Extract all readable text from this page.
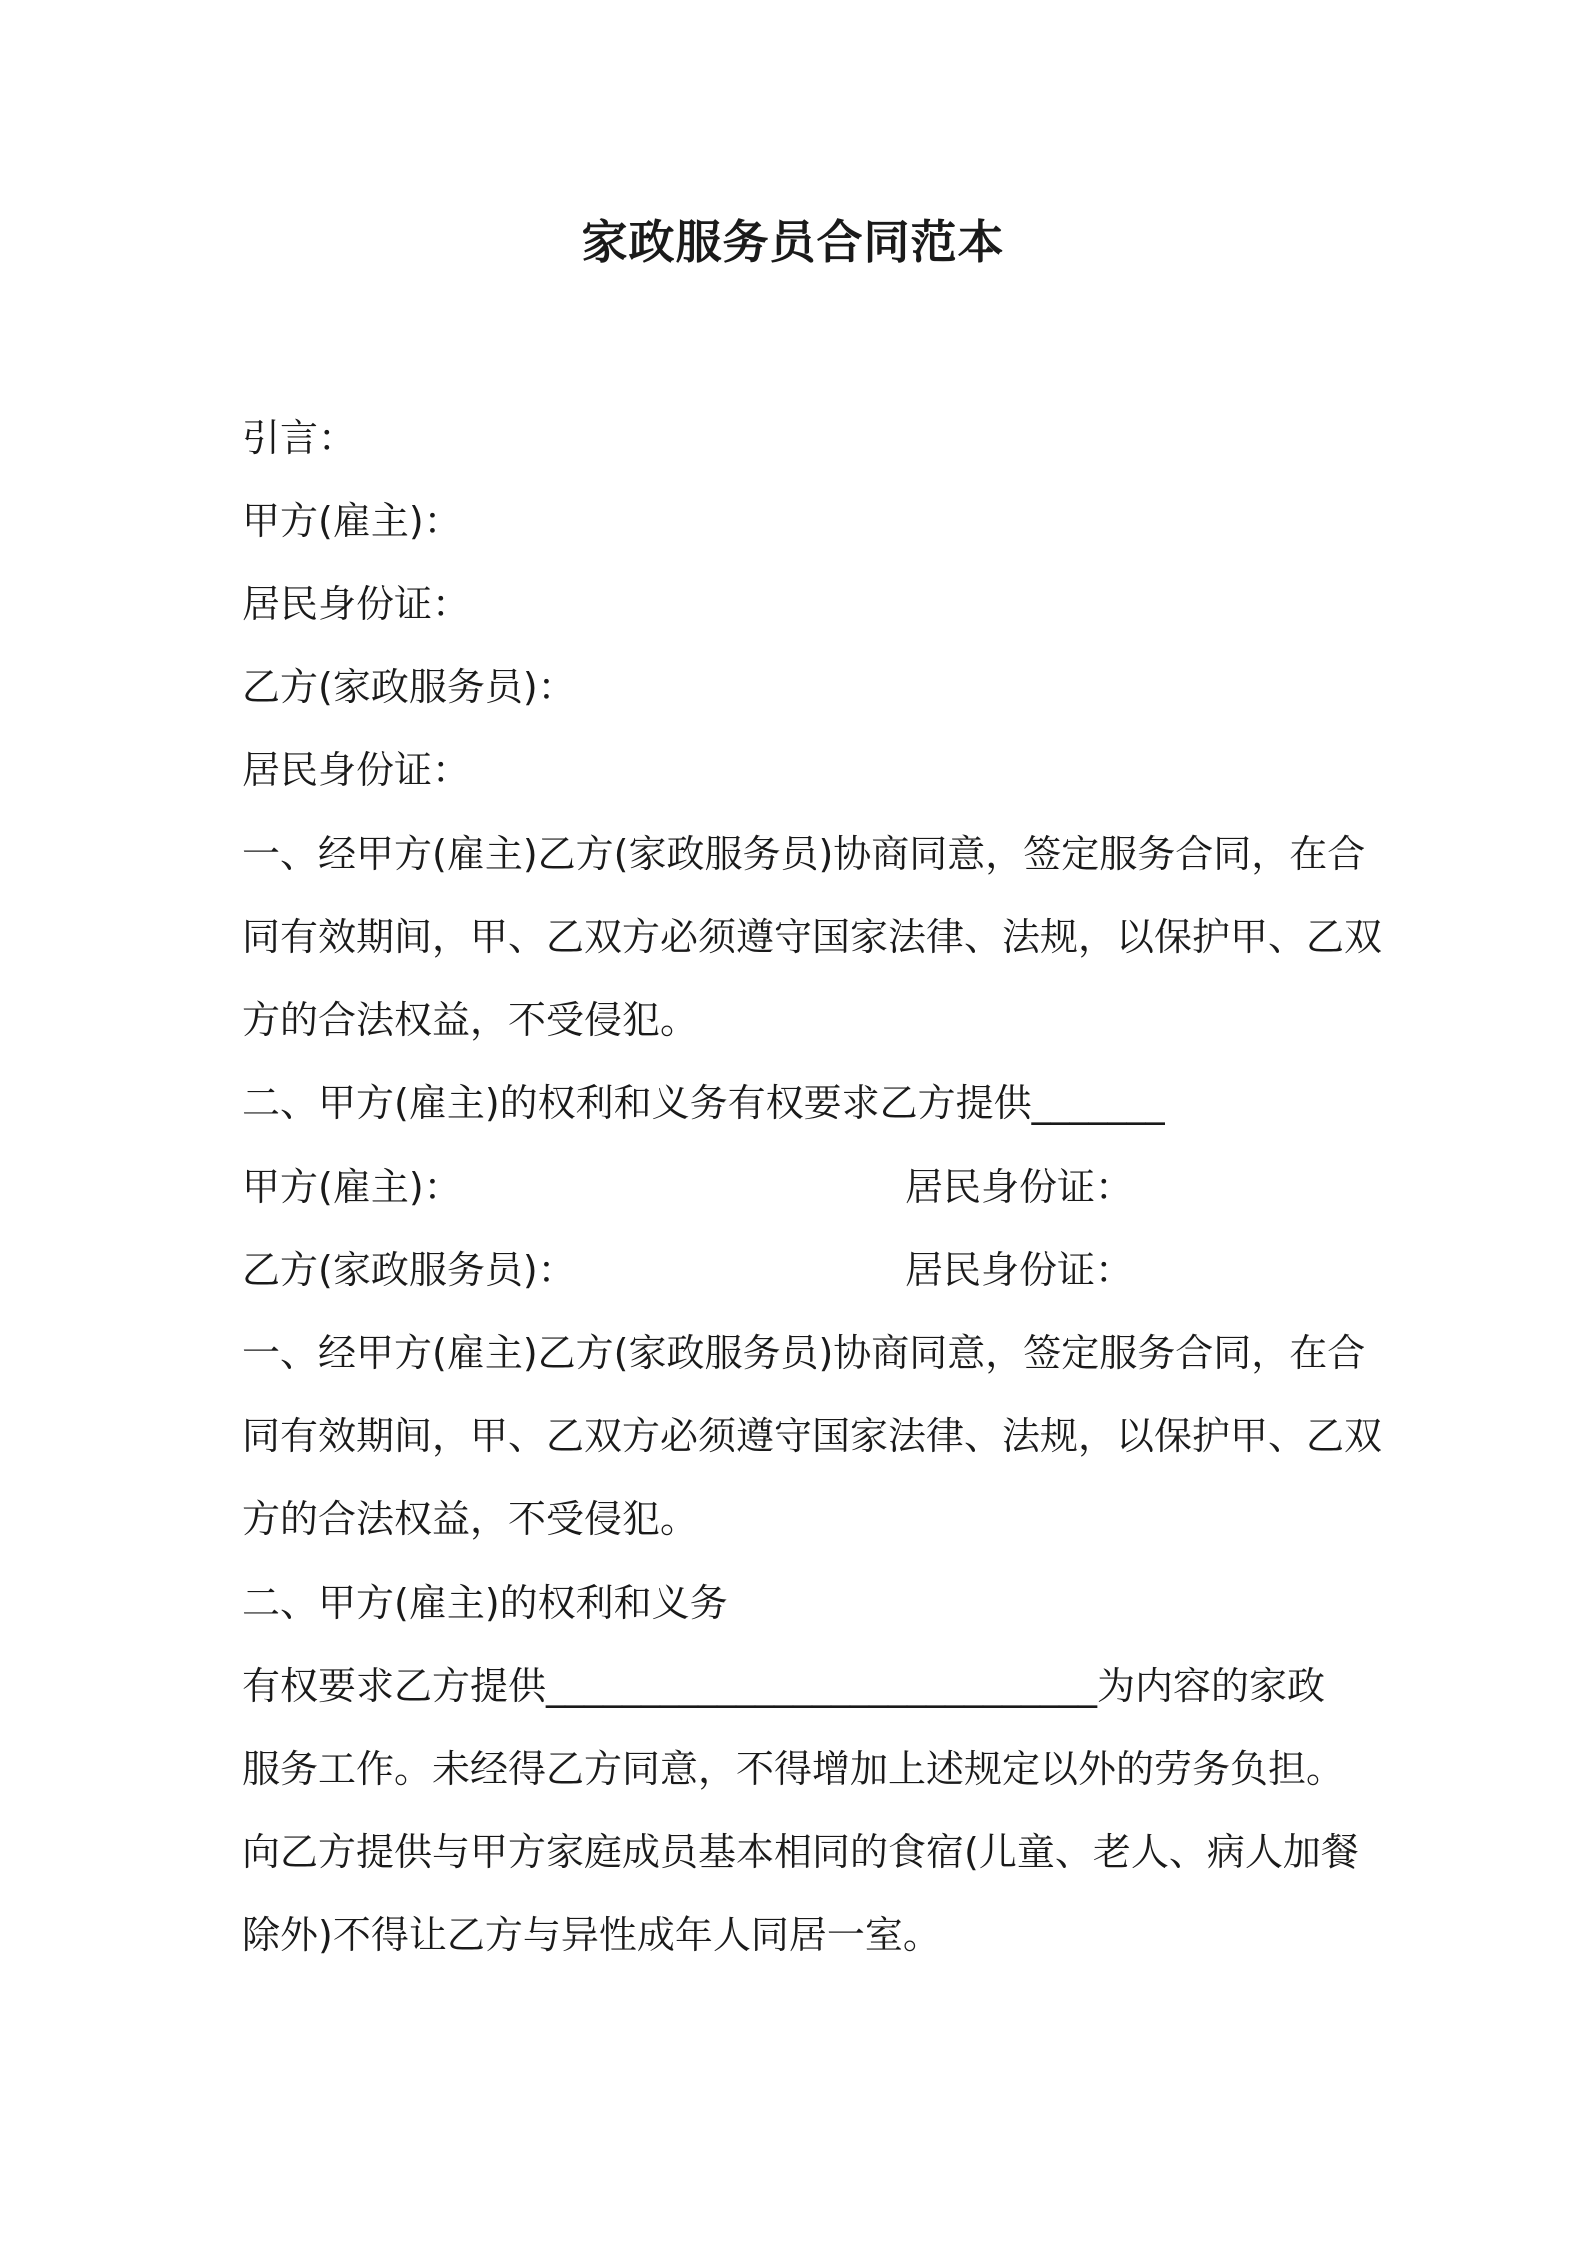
家政服务员合同范本
引言：
甲方(雇主)：
居民身份证：
乙方(家政服务员)：
居民身份证：
一、经甲方(雇主)乙方(家政服务员)协商同意，签定服务合同，在合
同有效期间，甲、乙双方必须遵守国家法律、法规，以保护甲、乙双
方的合法权益，不受侵犯。
二、甲方(雇主)的权利和义务有权要求乙方提供_______
甲方(雇主)：	居民身份证：
乙方(家政服务员)：	居民身份证：
一、经甲方(雇主)乙方(家政服务员)协商同意，签定服务合同，在合
同有效期间，甲、乙双方必须遵守国家法律、法规，以保护甲、乙双
方的合法权益，不受侵犯。
二、甲方(雇主)的权利和义务
有权要求乙方提供_____________________________为内容的家政
服务工作。未经得乙方同意，不得增加上述规定以外的劳务负担。
向乙方提供与甲方家庭成员基本相同的食宿(儿童、老人、病人加餐
除外)不得让乙方与异性成年人同居一室。
